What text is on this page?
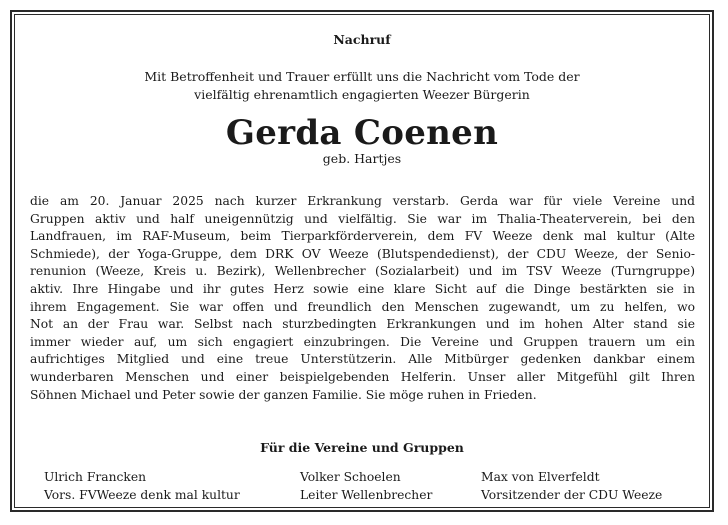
Nachruf
Mit Betroffenheit und Trauer erfüllt uns die Nachricht vom Tode der
vielfältig ehrenamtlich engagierten Weezer Bürgerin
Gerda Coenen
geb. Hartjes

die am 20. Januar 2025 nach kurzer Erkrankung verstarb. Gerda war für viele Vereine und
Gruppen aktiv und half uneigennützig und vielfältig. Sie war im Thalia-Theaterverein, bei den
Landfrauen, im RAF-Museum, beim Tierparkförderverein, dem FV Weeze denk mal kultur (Alte
Schmiede), der Yoga-Gruppe, dem DRK OV Weeze (Blutspendedienst), der CDU Weeze, der Senio-
renunion (Weeze, Kreis u. Bezirk), Wellenbrecher (Sozialarbeit) und im TSV Weeze (Turngruppe)
aktiv. Ihre Hingabe und ihr gutes Herz sowie eine klare Sicht auf die Dinge bestärkten sie in
ihrem Engagement. Sie war offen und freundlich den Menschen zugewandt, um zu helfen, wo
Not an der Frau war. Selbst nach sturzbedingten Erkrankungen und im hohen Alter stand sie
immer wieder auf, um sich engagiert einzubringen. Die Vereine und Gruppen trauern um ein
aufrichtiges Mitglied und eine treue Unterstützerin. Alle Mitbürger gedenken dankbar einem
wunderbaren Menschen und einer beispielgebenden Helferin. Unser aller Mitgefühl gilt Ihren
Söhnen Michael und Peter sowie der ganzen Familie. Sie möge ruhen in Frieden.

Für die Vereine und Gruppen
Ulrich Francken
Vors. FVWeeze denk mal kultur
Volker Schoelen
Leiter Wellenbrecher
Max von Elverfeldt
Vorsitzender der CDU Weeze
